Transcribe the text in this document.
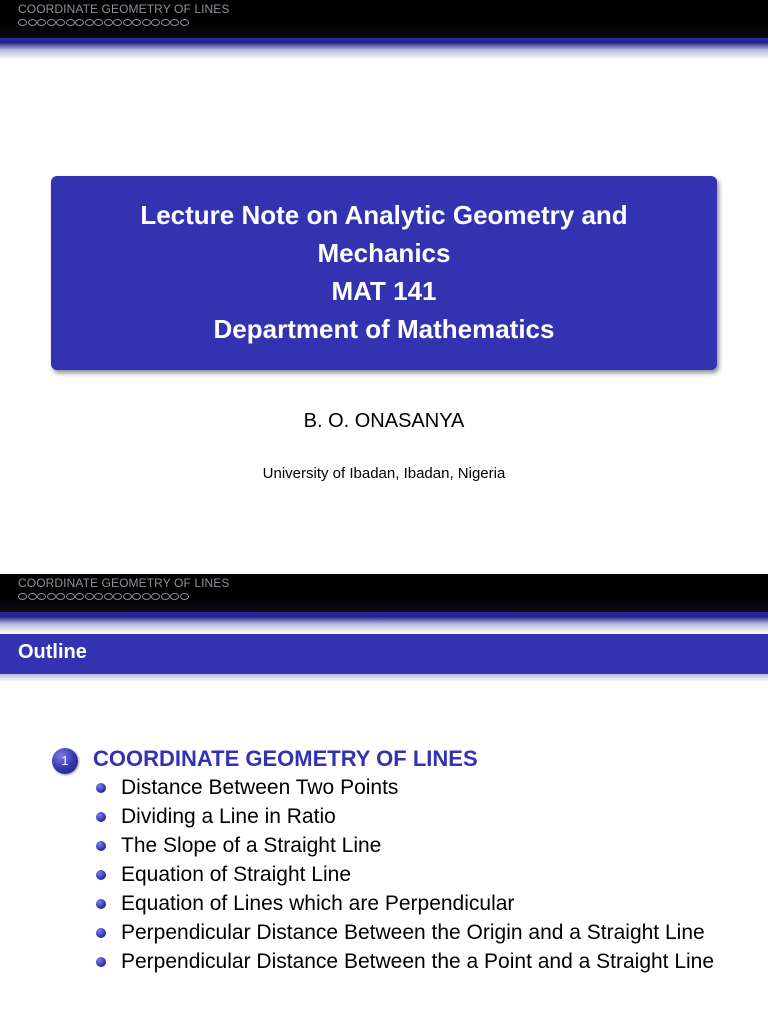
COORDINATE GEOMETRY OF LINES
Lecture Note on Analytic Geometry and
Mechanics
MAT 141
Department of Mathematics
B. O. ONASANYA
University of Ibadan, Ibadan, Nigeria
COORDINATE GEOMETRY OF LINES
Outline
1	COORDINATE GEOMETRY OF LINES
Distance Between Two Points
Dividing a Line in Ratio
The Slope of a Straight Line
Equation of Straight Line
Equation of Lines which are Perpendicular
Perpendicular Distance Between the Origin and a Straight Line
Perpendicular Distance Between the a Point and a Straight Line
